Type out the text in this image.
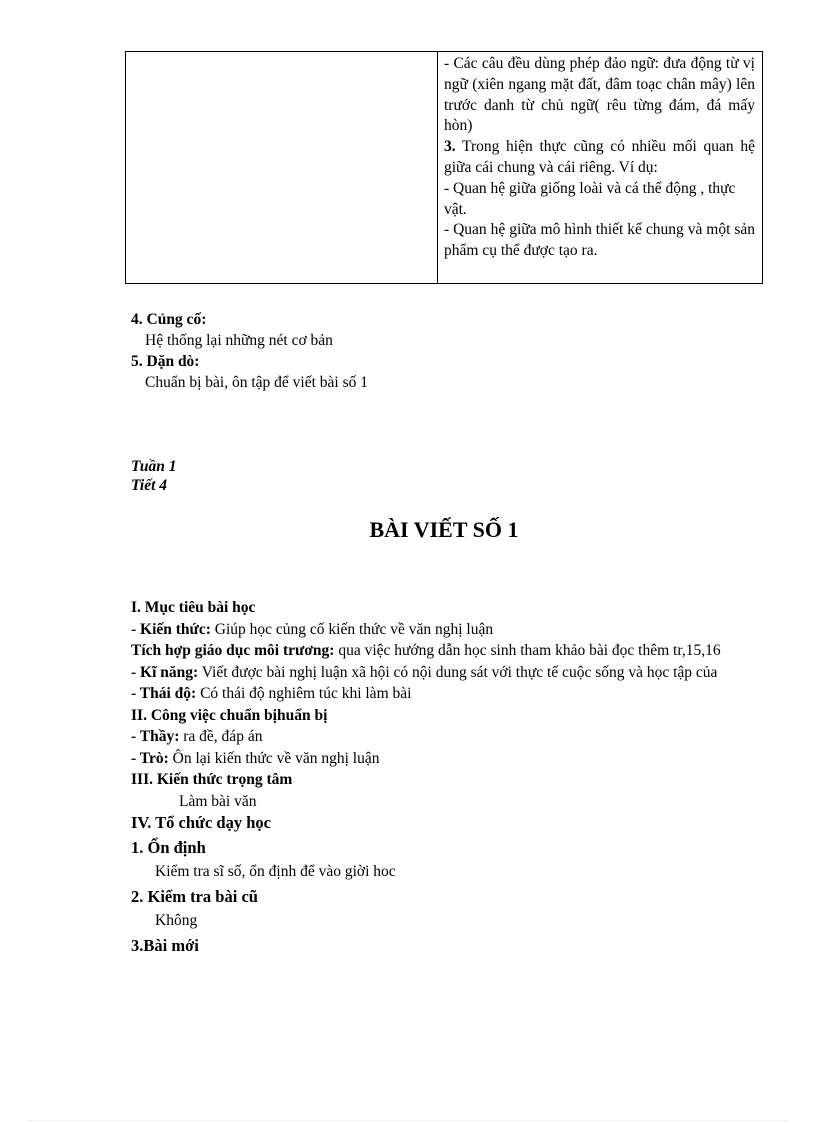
- Các câu đều dùng phép đảo ngữ: đưa động từ vị ngữ (xiên ngang mặt đất, đâm toạc chân mây) lên trước danh từ chủ ngữ( rêu từng đám, đá mấy hòn)

3. Trong hiện thực cũng có nhiều mối quan hệ giữa cái chung và cái riêng. Ví dụ:

- Quan hệ giữa giống loài và cá thể động , thực vật.

- Quan hệ giữa mô hình thiết kế chung và một sản phẩm cụ thể được tạo ra.

4. Củng cố:
Hệ thống lại những nét cơ bản
5. Dặn dò:
Chuẩn bị bài, ôn tập để viết bài số 1
Tuần 1
Tiết 4
BÀI VIẾT SỐ 1

I. Mục tiêu bài học

- Kiến thức: Giúp học củng cố kiến thức về văn nghị luận

Tích hợp giáo dục môi trương: qua việc hướng dẫn học sinh tham khảo bài đọc thêm tr,15,16

- Kĩ năng: Viết được bài nghị luận xã hội có nội dung sát với thực tế cuộc sống và học tập của

- Thái độ: Có thái độ nghiêm túc khi làm bài

II. Công việc chuẩn bịhuẩn bị

- Thầy: ra đề, đáp án

- Trò: Ôn lại kiến thức về văn nghị luận

III. Kiến thức trọng tâm

Làm bài văn

IV. Tổ chức dạy học

1. Ổn định

Kiểm tra sĩ số, ổn định để vào giời hoc

2. Kiểm tra bài cũ

Không

3.Bài mới
